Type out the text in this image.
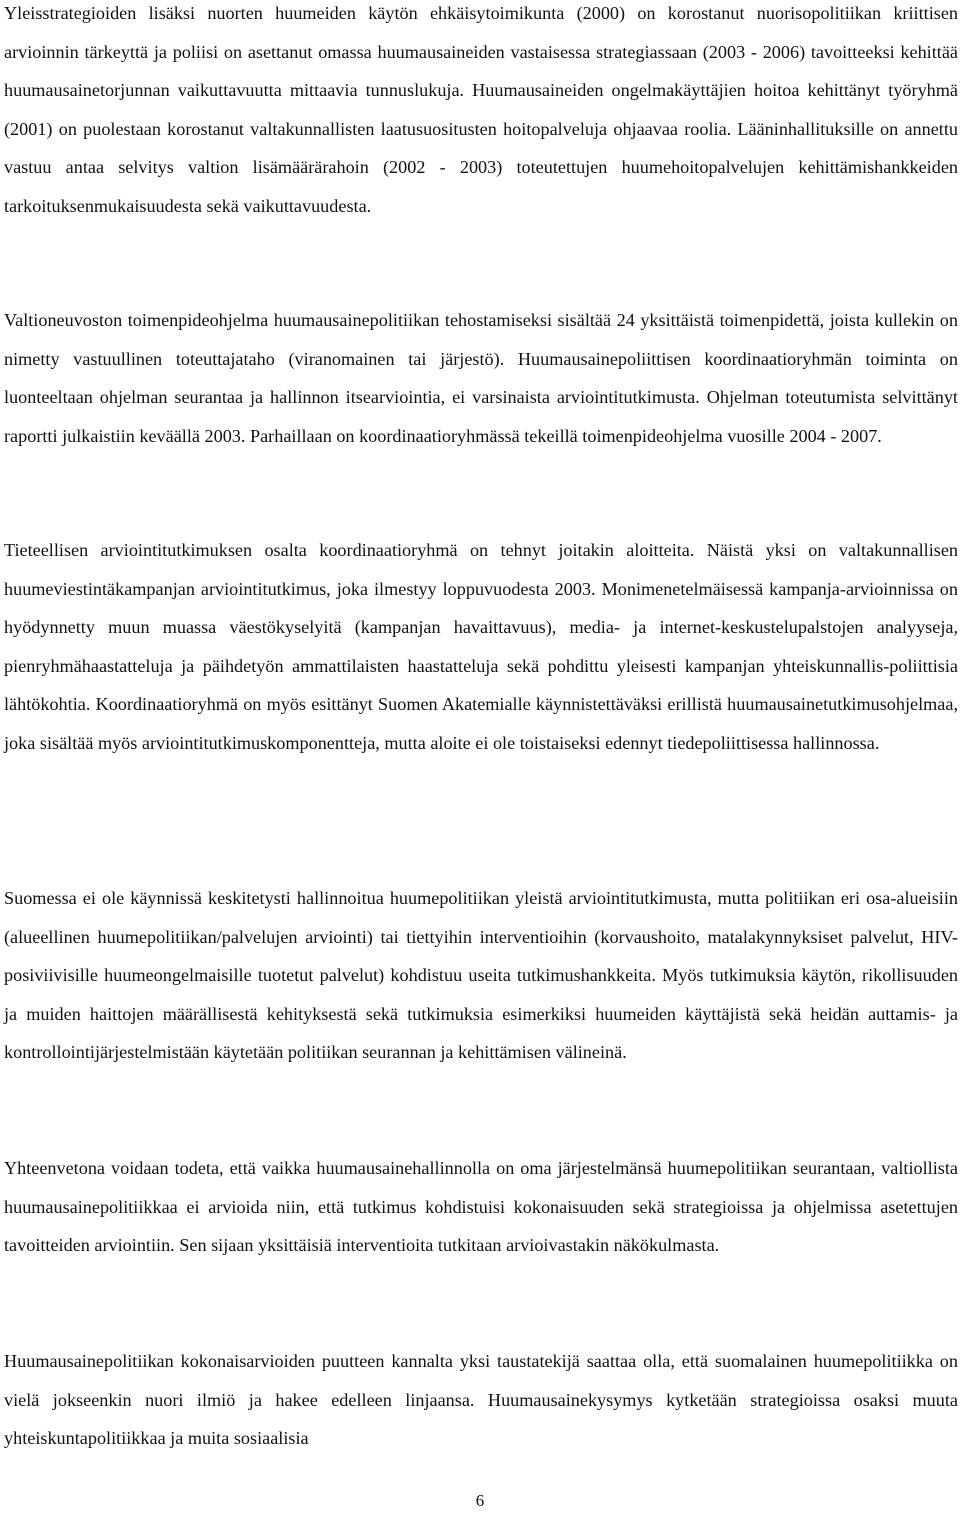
Yleisstrategioiden lisäksi nuorten huumeiden käytön ehkäisytoimikunta (2000) on korostanut nuorisopolitiikan kriittisen arvioinnin tärkeyttä ja poliisi on asettanut omassa huumausaineiden vastaisessa strategiassaan (2003 - 2006) tavoitteeksi kehittää huumausainetorjunnan vaikuttavuutta mittaavia tunnuslukuja. Huumausaineiden ongelmakäyttäjien hoitoa kehittänyt työryhmä (2001) on puolestaan korostanut valtakunnallisten laatusuositusten hoitopalveluja ohjaavaa roolia. Lääninhallituksille on annettu vastuu antaa selvitys valtion lisämäärärahoin (2002 - 2003) toteutettujen huumehoitopalvelujen kehittämishankkeiden tarkoituksenmukaisuudesta sekä vaikuttavuudesta.

Valtioneuvoston toimenpideohjelma huumausainepolitiikan tehostamiseksi sisältää 24 yksittäistä toimenpidettä, joista kullekin on nimetty vastuullinen toteuttajataho (viranomainen tai järjestö). Huumausainepoliittisen koordinaatioryhmän toiminta on luonteeltaan ohjelman seurantaa ja hallinnon itsearviointia, ei varsinaista arviointitutkimusta. Ohjelman toteutumista selvittänyt raportti julkaistiin keväällä 2003. Parhaillaan on koordinaatioryhmässä tekeillä toimenpideohjelma vuosille 2004 - 2007.

Tieteellisen arviointitutkimuksen osalta koordinaatioryhmä on tehnyt joitakin aloitteita. Näistä yksi on valtakunnallisen huumeviestintäkampanjan arviointitutkimus, joka ilmestyy loppuvuodesta 2003. Monimenetelmäisessä kampanja-arvioinnissa on hyödynnetty muun muassa väestökyselyitä (kampanjan havaittavuus), media- ja internet-keskustelupalstojen analyyseja, pienryhmähaastatteluja ja päihdetyön ammattilaisten haastatteluja sekä pohdittu yleisesti kampanjan yhteiskunnallis-poliittisia lähtökohtia. Koordinaatioryhmä on myös esittänyt Suomen Akatemialle käynnistettäväksi erillistä huumausainetutkimusohjelmaa, joka sisältää myös arviointitutkimuskomponentteja, mutta aloite ei ole toistaiseksi edennyt tiedepoliittisessa hallinnossa.

Suomessa ei ole käynnissä keskitetysti hallinnoitua huumepolitiikan yleistä arviointitutkimusta, mutta politiikan eri osa-alueisiin (alueellinen huumepolitiikan/palvelujen arviointi) tai tiettyihin interventioihin (korvaushoito, matalakynnyksiset palvelut, HIV-posiviivisille huumeongelmaisille tuotetut palvelut) kohdistuu useita tutkimushankkeita. Myös tutkimuksia käytön, rikollisuuden ja muiden haittojen määrällisestä kehityksestä sekä tutkimuksia esimerkiksi huumeiden käyttäjistä sekä heidän auttamis- ja kontrollointijärjestelmistään käytetään politiikan seurannan ja kehittämisen välineinä.

Yhteenvetona voidaan todeta, että vaikka huumausainehallinnolla on oma järjestelmänsä huumepolitiikan seurantaan, valtiollista huumausainepolitiikkaa ei arvioida niin, että tutkimus kohdistuisi kokonaisuuden sekä strategioissa ja ohjelmissa asetettujen tavoitteiden arviointiin. Sen sijaan yksittäisiä interventioita tutkitaan arvioivastakin näkökulmasta.

Huumausainepolitiikan kokonaisarvioiden puutteen kannalta yksi taustatekijä saattaa olla, että suomalainen huumepolitiikka on vielä jokseenkin nuori ilmiö ja hakee edelleen linjaansa. Huumausainekysymys kytketään strategioissa osaksi muuta yhteiskuntapolitiikkaa ja muita sosiaalisia

6
